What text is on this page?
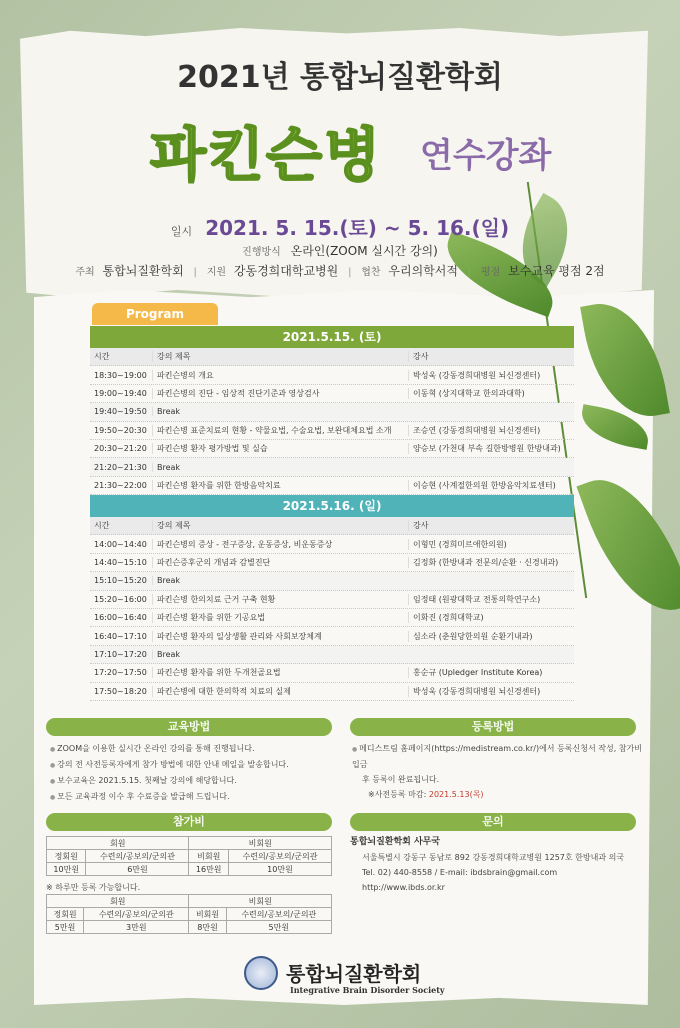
2021년 통합뇌질환학회
파킨슨병 연수강좌
일시 2021. 5. 15.(토) ~ 5. 16.(일)
진행방식 온라인(ZOOM 실시간 강의)
주최 통합뇌질환학회 | 지원 강동경희대학교병원 | 협찬 우리의학서적 | 평점 보수교육 평점 2점
Program
2021.5.15. (토)
시간	강의 제목	강사
18:30~19:00	파킨슨병의 개요	박성욱 (강동경희대병원 뇌신경센터)
19:00~19:40	파킨슨병의 진단 - 임상적 진단기준과 영상검사	이동혁 (상지대학교 한의과대학)
19:40~19:50	Break
19:50~20:30	파킨슨병 표준치료의 현황 - 약물요법, 수술요법, 보완대체요법 소개	조승연 (강동경희대병원 뇌신경센터)
20:30~21:20	파킨슨병 환자 평가방법 및 실습	양승보 (가천대 부속 길한방병원 한방내과)
21:20~21:30	Break
21:30~22:00	파킨슨병 환자를 위한 한방음악치료	이승현 (사계절한의원 한방음악치료센터)
2021.5.16. (일)
시간	강의 제목	강사
14:00~14:40	파킨슨병의 증상 - 전구증상, 운동증상, 비운동증상	이형민 (경희미르애한의원)
14:40~15:10	파킨슨증후군의 개념과 감별진단	김정화 (한방내과 전문의/순환 · 신경내과)
15:10~15:20	Break
15:20~16:00	파킨슨병 한의치료 근거 구축 현황	임정태 (원광대학교 전통의학연구소)
16:00~16:40	파킨슨병 환자를 위한 기공요법	이화진 (경희대학교)
16:40~17:10	파킨슨병 환자의 일상생활 관리와 사회보장체계	심소라 (춘원당한의원 순환기내과)
17:10~17:20	Break
17:20~17:50	파킨슨병 환자를 위한 두개천골요법	홍순규 (Upledger Institute Korea)
17:50~18:20	파킨슨병에 대한 한의학적 치료의 실제	박성욱 (강동경희대병원 뇌신경센터)
교육방법
● ZOOM을 이용한 실시간 온라인 강의를 통해 진행됩니다.
● 강의 전 사전등록자에게 참가 방법에 대한 안내 메일을 발송합니다.
● 보수교육은 2021.5.15. 첫째날 강의에 해당합니다.
● 모든 교육과정 이수 후 수료증을 발급해 드립니다.
등록방법
● 메디스트림 홈페이지(https://medistream.co.kr/)에서 등록신청서 작성, 참가비 입금
후 등록이 완료됩니다.
※사전등록 마감: 2021.5.13(목)
참가비
회원		비회원	
정회원	수련의/공보의/군의관	비회원	수련의/공보의/군의관
10만원	6만원	16만원	10만원
※ 하루만 등록 가능합니다.
회원		비회원	
정회원	수련의/공보의/군의관	비회원	수련의/공보의/군의관
5만원	3만원	8만원	5만원
문의
통합뇌질환학회 사무국
서울특별시 강동구 동남로 892 강동경희대학교병원 1257호 한방내과 의국
Tel. 02) 440-8558 / E-mail: ibdsbrain@gmail.com
http://www.ibds.or.kr
통합뇌질환학회
Integrative Brain Disorder Society
